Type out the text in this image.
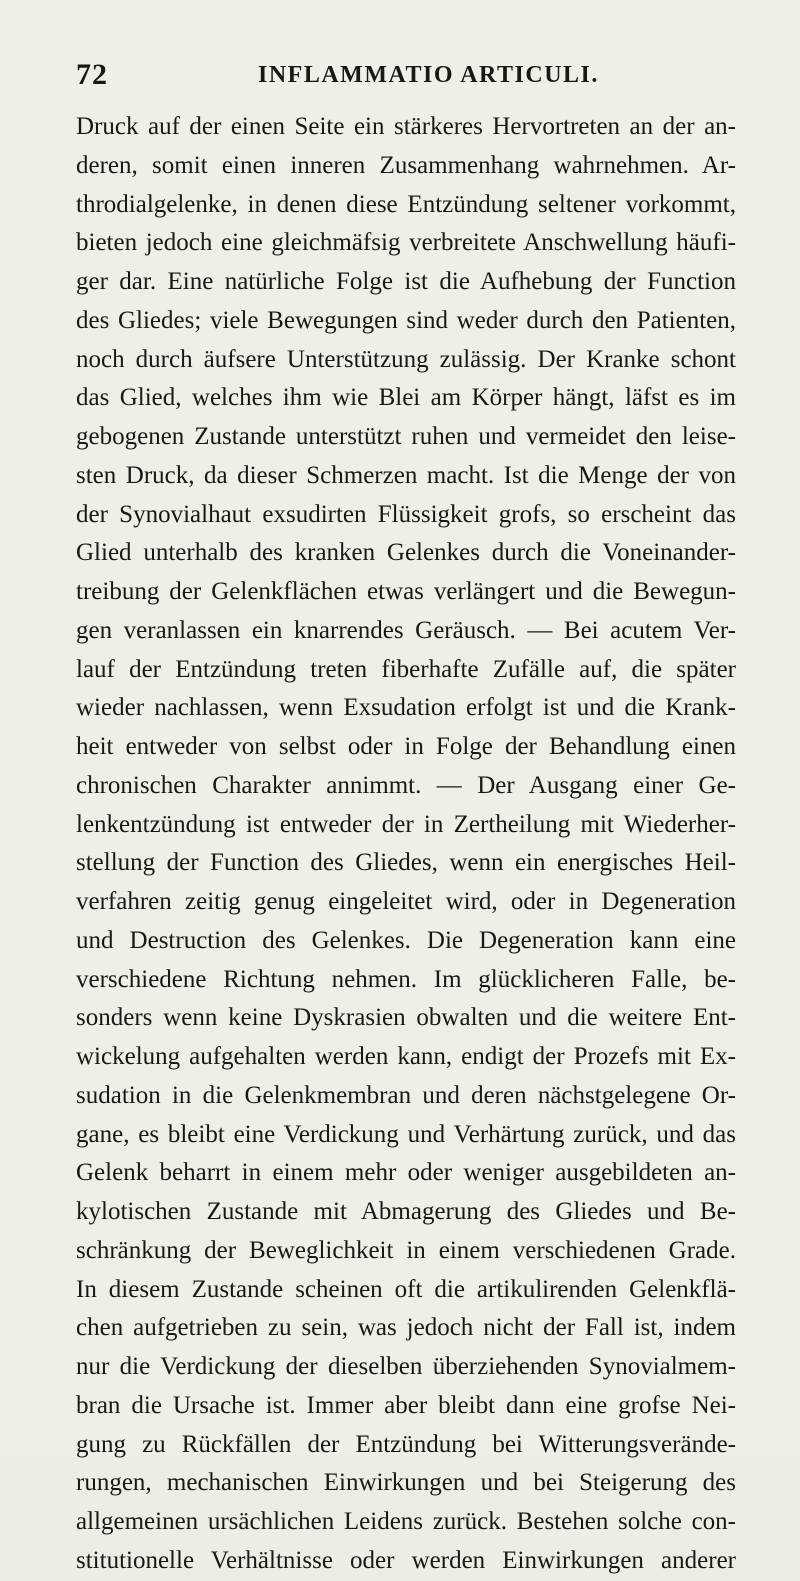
72	INFLAMMATIO ARTICULI.
Druck auf der einen Seite ein stärkeres Hervortreten an der an-
deren, somit einen inneren Zusammenhang wahrnehmen. Ar-
throdialgelenke, in denen diese Entzündung seltener vorkommt,
bieten jedoch eine gleichmäfsig verbreitete Anschwellung häufi-
ger dar. Eine natürliche Folge ist die Aufhebung der Function
des Gliedes; viele Bewegungen sind weder durch den Patienten,
noch durch äufsere Unterstützung zulässig. Der Kranke schont
das Glied, welches ihm wie Blei am Körper hängt, läfst es im
gebogenen Zustande unterstützt ruhen und vermeidet den leise-
sten Druck, da dieser Schmerzen macht. Ist die Menge der von
der Synovialhaut exsudirten Flüssigkeit grofs, so erscheint das
Glied unterhalb des kranken Gelenkes durch die Voneinander-
treibung der Gelenkflächen etwas verlängert und die Bewegun-
gen veranlassen ein knarrendes Geräusch. — Bei acutem Ver-
lauf der Entzündung treten fiberhafte Zufälle auf, die später
wieder nachlassen, wenn Exsudation erfolgt ist und die Krank-
heit entweder von selbst oder in Folge der Behandlung einen
chronischen Charakter annimmt. — Der Ausgang einer Ge-
lenkentzündung ist entweder der in Zertheilung mit Wiederher-
stellung der Function des Gliedes, wenn ein energisches Heil-
verfahren zeitig genug eingeleitet wird, oder in Degeneration
und Destruction des Gelenkes. Die Degeneration kann eine
verschiedene Richtung nehmen. Im glücklicheren Falle, be-
sonders wenn keine Dyskrasien obwalten und die weitere Ent-
wickelung aufgehalten werden kann, endigt der Prozefs mit Ex-
sudation in die Gelenkmembran und deren nächstgelegene Or-
gane, es bleibt eine Verdickung und Verhärtung zurück, und das
Gelenk beharrt in einem mehr oder weniger ausgebildeten an-
kylotischen Zustande mit Abmagerung des Gliedes und Be-
schränkung der Beweglichkeit in einem verschiedenen Grade.
In diesem Zustande scheinen oft die artikulirenden Gelenkflä-
chen aufgetrieben zu sein, was jedoch nicht der Fall ist, indem
nur die Verdickung der dieselben überziehenden Synovialmem-
bran die Ursache ist. Immer aber bleibt dann eine grofse Nei-
gung zu Rückfällen der Entzündung bei Witterungsverände-
rungen, mechanischen Einwirkungen und bei Steigerung des
allgemeinen ursächlichen Leidens zurück. Bestehen solche con-
stitutionelle Verhältnisse oder werden Einwirkungen anderer
